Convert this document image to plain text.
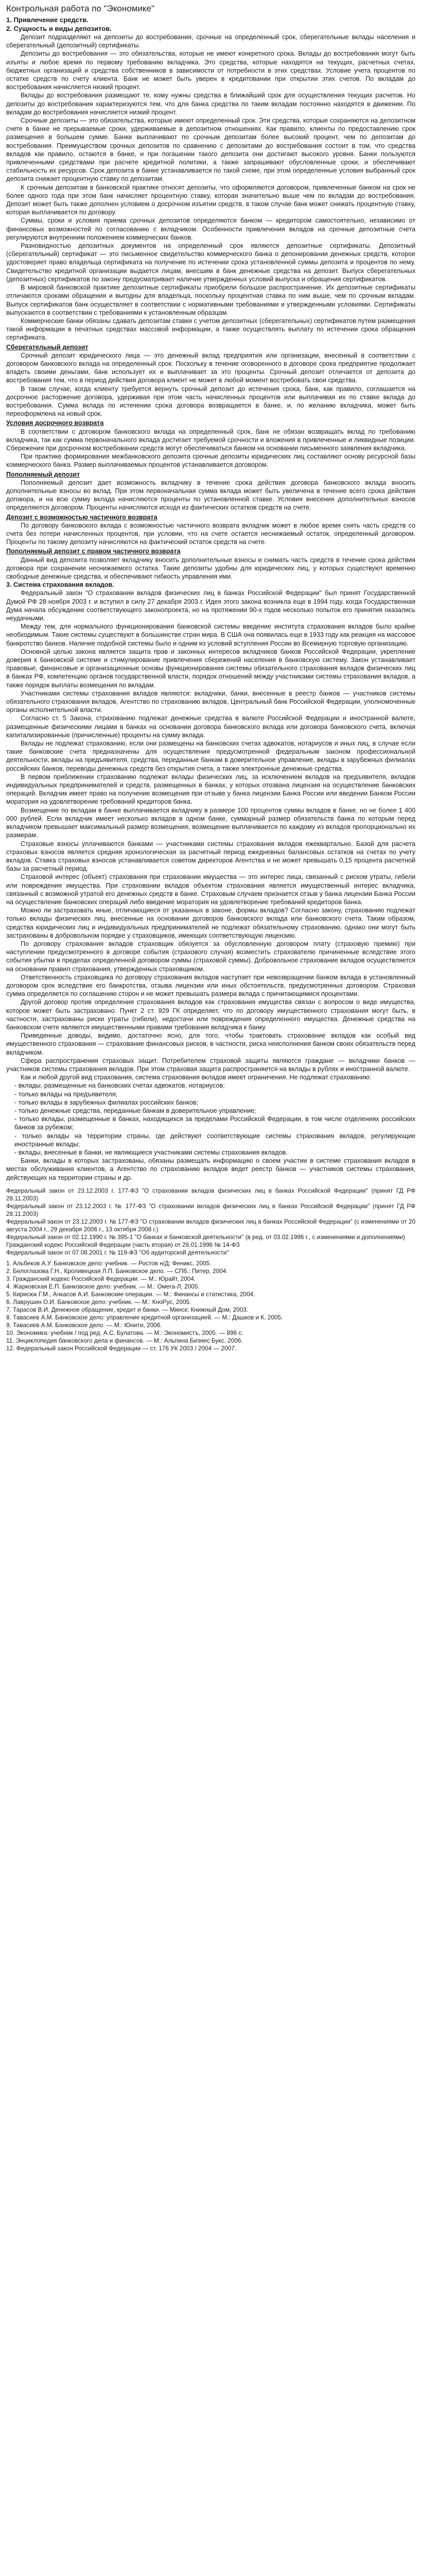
Контрольная работа по "Экономике"
1. Привлечение средств.
2. Сущность и виды депозитов.

Депозит подразделяют на депозиты до востребования, срочные на определенный срок, сберегательные вклады населения и сберегательный (депозитный) сертификаты.

Депозиты до востребования — это обязательства, которые не имеют конкретного срока. Вклады до востребования могут быть изъяты и любое время по первому требованию вкладчика. Это средства, которые находятся на текущих, расчетных счетах, бюджетных организаций и средства собственников в зависимости от потребности в этих средствах. Условие учета процентов по остатке средств по счету клиента. Банк не может быть уверен в кредитовании при открытии этих счетов. По вкладам до востребования начисляется низкий процент.

Вклады до востребования размещают те, кому нужны средства в ближайший срок для осуществления текущих расчетов. Но депозиты до востребования характеризуются тем, что для банка средства по таким вкладам постоянно находятся в движении. По вкладам до востребования начисляется низкий процент.

Срочные депозиты — это обязательства, которые имеют определенный срок. Эти средства, которые сохраняются на депозитном счете в банке не прерываемые сроки, удерживаемые в депозитном отношениях. Как правило, клиенты по предоставлению срок размещения в большем сумме. Банки выплачивают по срочным депозитам более высокий процент, чем по депозитам до востребования. Преимуществом срочных депозитов по сравнению с депозитами до востребования состоит в том, что средства вкладов как правило, остаются в банке, и при погашении такого депозита они достигают высокого уровня. Банки пользуются привлеченными средствами при расчете кредитной политики, а также запрашивают обусловленные сроки, и обеспечивают стабильность их ресурсов. Срок депозита в банке устанавливается по такой схеме, при этом определенные условия выбранный срок депозита снижает процентную ставку по депозитам.

К срочным депозитам в банковской практике относят депозиты, что оформляются договором, привлеченные банком на срок не более одного года при этом банк начисляет процентную ставку, которая значительно выше чем по вкладам до востребования. Депозит может быть также дополнен условием о досрочном изъятии средств, в таком случае банк может снижать процентную ставку, которая выплачивается по договору.

Суммы, сроки и условия приема срочных депозитов определяются банком — кредитором самостоятельно, независимо от финансовых возможностей по согласованию с вкладчиком. Особенности привлечения вкладов на срочные депозитные счета регулируются внутренним положением коммерческих банков.

Разновидностью депозитных документов на определенный срок являются депозитные сертификаты. Депозитный (сберегательный) сертификат — это письменное свидетельство коммерческого банка о депонировании денежных средств, которое удостоверяет право владельца сертификата на получение по истечении срока установленной суммы депозита и процентов по нему. Свидетельство кредитной организации выдается лицам, внесшим в банк денежные средства на депозит. Выпуск сберегательных (депозитных) сертификатов по закону предусматривает наличие утвержденных условий выпуска и обращения сертификатов.

В мировой банковской практике депозитные сертификаты приобрели большое распространение. Их депозитные сертификаты отличаются сроками обращения и выгодны для владельца, поскольку процентная ставка по ним выше, чем по срочным вкладам. Выпуск сертификатов банк осуществляет в соответствии с нормативными требованиями и утвержденными условиями. Сертификаты выпускаются в соответствии с требованиями к установленным образцам.

Коммерческие банки обязаны сдавать депозитам ставки с учетом депозитных (сберегательных) сертификатов путем размещения такой информации в печатных средствах массовой информации, а также осуществлять выплату по истечении срока обращения сертификата.

Сберегательный депозит

Срочный депозит юридического лица — это денежный вклад предприятия или организации, внесенный в соответствии с договором банковского вклада на определенный срок. Поскольку в течение оговоренного в договоре срока предприятие продолжает владеть своими деньгами, банк использует их и выплачивает за это проценты. Срочный депозит отличается от депозита до востребования тем, что в период действия договора клиент не может в любой момент востребовать свои средства.

В таком случае, когда клиенту требуется вернуть срочный депозит до истечения срока, банк, как правило, соглашается на досрочное расторжение договора, удерживая при этом часть начисленных процентов или выплачивая их по ставке вклада до востребования. Сумма вклада по истечении срока договора возвращается в банке, и, по желанию вкладчика, может быть переоформлена на новый срок.

Условия досрочного возврата

В соответствии с договором банковского вклада на определенный срок, банк не обязан возвращать вклад по требованию вкладчика, так как сумма первоначального вклада достигает требуемой срочности и вложения в привлеченные и ликвидные позиции. Сбережения при досрочном востребовании средств могут обеспечиваться банком на основании письменного заявления вкладчика.

При практике формирования межбанковского депозита срочные депозиты юридических лиц составляют основу ресурсной базы коммерческого банка. Размер выплачиваемых процентов устанавливается договором.

Пополняемый депозит

Пополняемый депозит дает возможность вкладчику в течение срока действия договора банковского вклада вносить дополнительные взносы во вклад. При этом первоначальная сумма вклада может быть увеличена в течение всего срока действия договора, и на всю сумму вклада начисляются проценты по установленной ставке. Условия внесения дополнительных взносов определяются договором. Проценты начисляются исходя из фактических остатков средств на счете.

Депозит с возможностью частичного возврата

По договору банковского вклада с возможностью частичного возврата вкладчик может в любое время снять часть средств со счета без потери начисленных процентов, при условии, что на счете остается неснижаемый остаток, определенный договором. Проценты по такому депозиту начисляются на фактический остаток средств на счете.

Пополняемый депозит с правом частичного возврата

Данный вид депозита позволяет вкладчику вносить дополнительные взносы и снимать часть средств в течение срока действия договора при сохранении неснижаемого остатка. Такие депозиты удобны для юридических лиц, у которых существуют временно свободные денежные средства, и обеспечивают гибкость управления ими.

3. Система страхования вкладов.

Федеральный закон "О страховании вкладов физических лиц в банках Российской Федерации" был принят Государственной Думой РФ 28 ноября 2003 г. и вступил в силу 27 декабря 2003 г. Идея этого закона возникла еще в 1994 году, когда Государственная Дума начала обсуждение соответствующего законопроекта, но на протяжении 90-х годов несколько попыток его принятия оказались неудачными.

Между тем, для нормального функционирования банковской системы введение института страхования вкладов было крайне необходимым. Такие системы существуют в большинстве стран мира. В США она появилась еще в 1933 году как реакция на массовое банкротство банков. Наличие подобной системы было и одним из условий вступления России во Всемирную торговую организацию.

Основной целью закона является защита прав и законных интересов вкладчиков банков Российской Федерации, укрепление доверия к банковской системе и стимулирование привлечения сбережений населения в банковскую систему. Закон устанавливает правовые, финансовые и организационные основы функционирования системы обязательного страхования вкладов физических лиц в банках РФ, компетенцию органов государственной власти, порядок отношений между участниками системы страхования вкладов, а также порядок выплаты возмещения по вкладам.

Участниками системы страхования вкладов являются: вкладчики, банки, внесенные в реестр банков — участников системы обязательного страхования вкладов, Агентство по страхованию вкладов, Центральный банк Российской Федерации, уполномоченные органы исполнительной власти.

Согласно ст. 5 Закона, страхованию подлежат денежные средства в валюте Российской Федерации и иностранной валюте, размещенные физическими лицами в банках на основании договора банковского вклада или договора банковского счета, включая капитализированные (причисленные) проценты на сумму вклада.

Вклады не подлежат страхованию, если они размещены на банковских счетах адвокатов, нотариусов и иных лиц, в случае если такие банковские счета предназначены для осуществления предусмотренной федеральным законом профессиональной деятельности, вклады на предъявителя, средства, переданные банкам в доверительное управление, вклады в зарубежных филиалах российских банков, переводы денежных средств без открытия счета, а также электронные денежные средства.

В первом приближении страхованию подлежат вклады физических лиц, за исключением вкладов на предъявителя, вкладов индивидуальных предпринимателей и средств, размещенных в банках, у которых отозвана лицензия на осуществление банковских операций. Вкладчик имеет право на получение возмещения при отзыве у банка лицензии Банка России или введении Банком России моратория на удовлетворение требований кредиторов банка.

Возмещение по вкладам в банке выплачивается вкладчику в размере 100 процентов суммы вкладов в банке, но не более 1 400 000 рублей. Если вкладчик имеет несколько вкладов в одном банке, суммарный размер обязательств банка по которым перед вкладчиком превышает максимальный размер возмещения, возмещение выплачивается по каждому из вкладов пропорционально их размерам.

Страховые взносы уплачиваются банками — участниками системы страхования вкладов ежеквартально. Базой для расчета страховых взносов является средняя хронологическая за расчетный период ежедневных балансовых остатков на счетах по учету вкладов. Ставка страховых взносов устанавливается советом директоров Агентства и не может превышать 0,15 процента расчетной базы за расчетный период.

Страховой интерес (объект) страхования при страховании имущества — это интерес лица, связанный с риском утраты, гибели или повреждения имущества. При страховании вкладов объектом страхования является имущественный интерес вкладчика, связанный с возможной утратой его денежных средств в банке. Страховым случаем признается отзыв у банка лицензии Банка России на осуществление банковских операций либо введение моратория на удовлетворение требований кредиторов банка.

Можно ли застраховать иные, отличающиеся от указанных в законе, формы вкладов? Согласно закону, страхованию подлежат только вклады физических лиц, внесенные на основании договоров банковского вклада или банковского счета. Таким образом, средства юридических лиц и индивидуальных предпринимателей не подлежат обязательному страхованию, однако они могут быть застрахованы в добровольном порядке у страховщиков, имеющих соответствующую лицензию.

По договору страхования вкладов страховщик обязуется за обусловленную договором плату (страховую премию) при наступлении предусмотренного в договоре события (страхового случая) возместить страхователю причиненные вследствие этого события убытки в пределах определенной договором суммы (страховой суммы). Добровольное страхование вкладов осуществляется на основании правил страхования, утвержденных страховщиком.

Ответственность страховщика по договору страхования вкладов наступает при невозвращении банком вклада в установленный договором срок вследствие его банкротства, отзыва лицензии или иных обстоятельств, предусмотренных договором. Страховая сумма определяется по соглашению сторон и не может превышать размера вклада с причитающимися процентами.

Другой договор против определения страхования вкладов как страхования имущества связан с вопросом о виде имущества, которое может быть застраховано. Пункт 2 ст. 929 ГК определяет, что по договору имущественного страхования могут быть, в частности, застрахованы риски утраты (гибели), недостачи или повреждения определенного имущества. Денежные средства на банковском счете являются имущественными правами требования вкладчика к банку.

Приведенные доводы, видимо, достаточно ясно, для того, чтобы трактовать страхование вкладов как особый вид имущественного страхования — страхование финансовых рисков, в частности, риска неисполнения банком своих обязательств перед вкладчиком.

Сфера распространения страховых защит. Потребителем страховой защиты являются граждане — вкладчики банков — участников системы страхования вкладов. При этом страховая защита распространяется на вклады в рублях и иностранной валюте.

Как и любой другой вид страхования, система страхования вкладов имеет ограничения. Не подлежат страхованию:

- вклады, размещенные на банковских счетах адвокатов, нотариусов;
- только вклады на предъявителя;
- только вклады в зарубежных филиалах российских банков;
- только денежные средства, переданные банкам в доверительное управление;
- только вклады, размещенные в банках, находящихся за пределами Российской Федерации, в том числе отделениях российских банков за рубежом;
- только вклады на территории страны, где действуют соответствующие системы страхования вкладов, регулирующие иностранные вклады;
- вклады, внесенные в банки, не являющиеся участниками системы страхования вкладов.

Банки, вклады в которых застрахованы, обязаны размещать информацию о своем участии в системе страхования вкладов в местах обслуживания клиентов, а Агентство по страхованию вкладов ведет реестр банков — участников системы страхования, действующих на территории страны и др.

Федеральный закон от 23.12.2003 г. 177-ФЗ "О страховании вкладов физических лиц в банках Российской Федерации" (принят ГД РФ 28.11.2003)

Федеральный закон от 23.12.2003 г. № 177-ФЗ "О страховании вкладов физических лиц в банках Российской Федерации" (принят ГД РФ 28.11.2003)

Федеральный закон от 23.12.2003 г. № 177-ФЗ "О страховании вкладов физических лиц в банках Российской Федерации" (с изменениями от 20 августа 2004 г., 29 декабря 2006 г., 13 октября 2008 г.)

Федеральный закон от 02.12.1990 г. № 395-1 "О банках и банковской деятельности" (в ред. от 03.02.1996 г., с изменениями и дополнениями)

Гражданский кодекс Российской Федерации (часть вторая) от 26.01.1996 № 14-ФЗ

Федеральный закон от 07.08.2001 г. № 119-ФЗ "Об аудиторской деятельности"

1. Альбеков А.У. Банковское дело: учебник. — Ростов н/Д: Феникс, 2005.

2. Белоглазова Г.Н., Кроливецкая Л.П. Банковское дело. — СПб.: Питер, 2004.

3. Гражданский кодекс Российской Федерации. — М.: Юрайт, 2004.

4. Жарковская Е.П. Банковское дело: учебник. — М.: Омега-Л, 2005.

5. Кирисюк Г.М., Ачкасов А.И. Банковские операции. — М.: Финансы и статистика, 2004.

6. Лаврушин О.И. Банковское дело: учебник. — М.: КноРус, 2005.

7. Тарасов В.И. Денежное обращение, кредит и банки. — Минск: Книжный Дом, 2003.

8. Тавасиев А.М. Банковское дело: управление кредитной организацией. — М.: Дашков и К, 2005.

9. Тавасиев А.М. Банковское дело. — М.: Юнити, 2006.

10. Экономика: учебник / под ред. А.С. Булатова. — М.: Экономистъ, 2005. — 896 с.

11. Энциклопедия банковского дела и финансов. — М.: Альпина Бизнес Букс, 2006.

12. Федеральный закон Российской Федерации — ст. 176 УК 2003 / 2004 — 2007.
